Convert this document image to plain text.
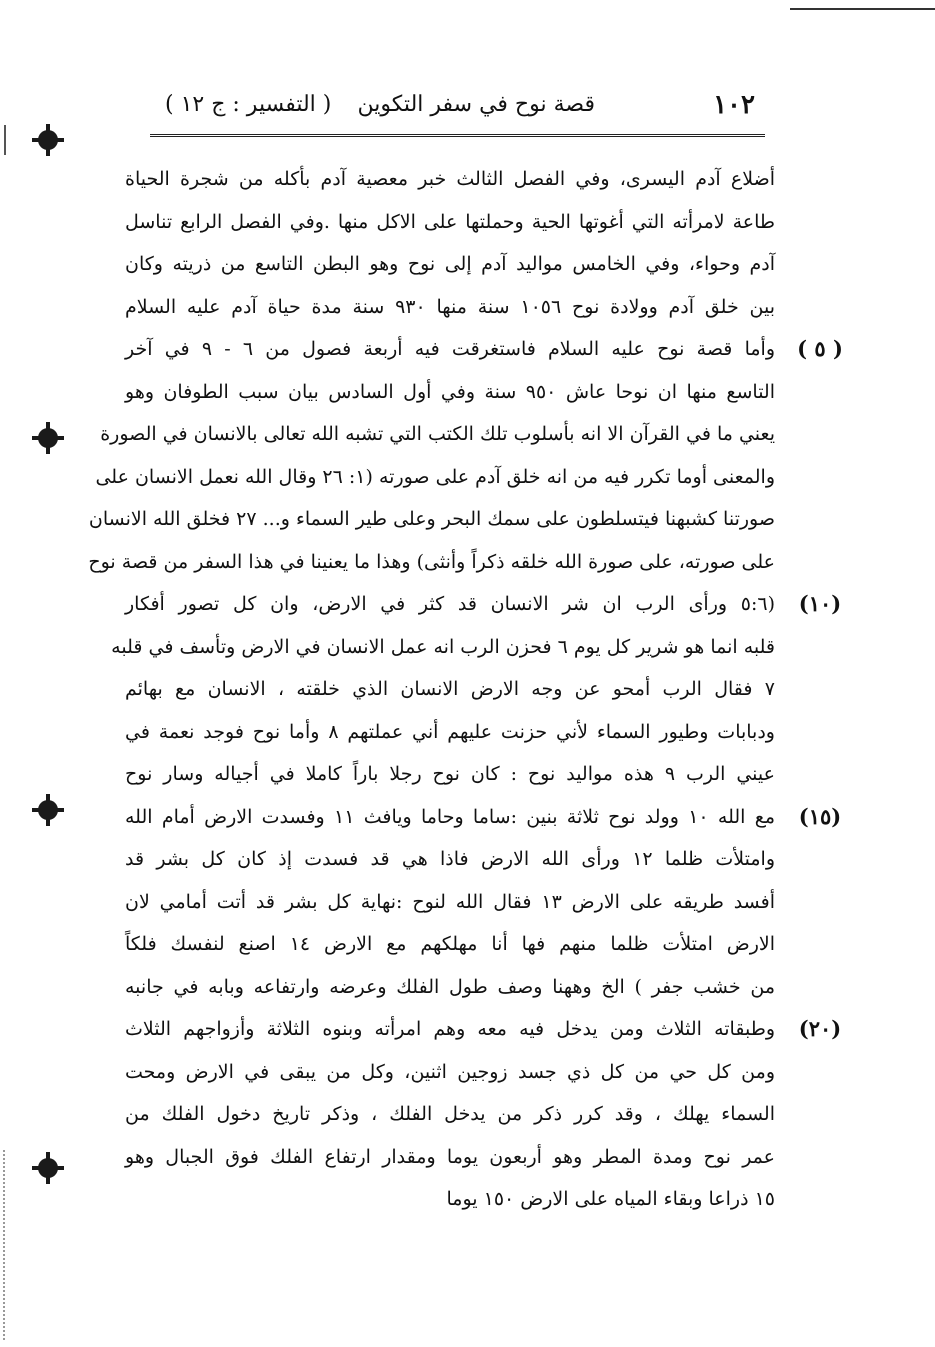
١٠٢
قصة نوح في سفر التكوين
( التفسير : ج ١٢ )
( ٥ )
(١٠)
(١٥)
(٢٠)
أضلاع آدم اليسرى، وفي الفصل الثالث خبر معصية آدم بأكله من شجرة الحياة
طاعة لامرأته التي أغوتها الحية وحملتها على الاكل منها .وفي الفصل الرابع تناسل
آدم وحواء، وفي الخامس مواليد آدم إلى نوح وهو البطن التاسع من ذريته وكان
بين خلق آدم وولادة نوح ١٠٥٦ سنة منها ٩٣٠ سنة مدة حياة آدم عليه السلام
وأما قصة نوح عليه السلام فاستغرقت فيه أربعة فصول من ٦ - ٩ في آخر
التاسع منها ان نوحا عاش ٩٥٠ سنة وفي أول السادس بيان سبب الطوفان وهو
يعني ما في القرآن الا انه بأسلوب تلك الكتب التي تشبه الله تعالى بالانسان في الصورة
والمعنى أوما تكرر فيه من انه خلق آدم على صورته (١: ٢٦ وقال الله نعمل الانسان على
صورتنا كشبهنا فيتسلطون على سمك البحر وعلى طير السماء و... ٢٧ فخلق الله الانسان
على صورته، على صورة الله خلقه ذكراً وأنثى) وهذا ما يعنينا في هذا السفر من قصة نوح
(٥:٦ ورأى الرب ان شر الانسان قد كثر في الارض، وان كل تصور أفكار
قلبه انما هو شرير كل يوم ٦ فحزن الرب انه عمل الانسان في الارض وتأسف في قلبه
٧ فقال الرب أمحو عن وجه الارض الانسان الذي خلقته ، الانسان مع بهائم
ودبابات وطيور السماء لأني حزنت عليهم أني عملتهم ٨ وأما نوح فوجد نعمة في
عيني الرب ٩ هذه مواليد نوح : كان نوح رجلا باراً كاملا في أجياله وسار نوح
مع الله ١٠ وولد نوح ثلاثة بنين :ساما وحاما ويافث ١١ وفسدت الارض أمام الله
وامتلأت ظلما ١٢ ورأى الله الارض فاذا هي قد فسدت إذ كان كل بشر قد
أفسد طريقه على الارض ١٣ فقال الله لنوح :نهاية كل بشر قد أتت أمامي لان
الارض امتلأت ظلما منهم فها أنا مهلكهم مع الارض ١٤ اصنع لنفسك فلكاً
من خشب جفر ) الخ وههنا وصف طول الفلك وعرضه وارتفاعه وبابه في جانبه
وطبقاته الثلاث ومن يدخل فيه معه وهم امرأته وبنوه الثلاثة وأزواجهم الثلاث
ومن كل حي من كل ذي جسد زوجين اثنين، وكل من يبقى في الارض ومحت
السماء يهلك ، وقد كرر ذكر من يدخل الفلك ، وذكر تاريخ دخول الفلك من
عمر نوح ومدة المطر وهو أربعون يوما ومقدار ارتفاع الفلك فوق الجبال وهو
١٥ ذراعا وبقاء المياه على الارض ١٥٠ يوما
